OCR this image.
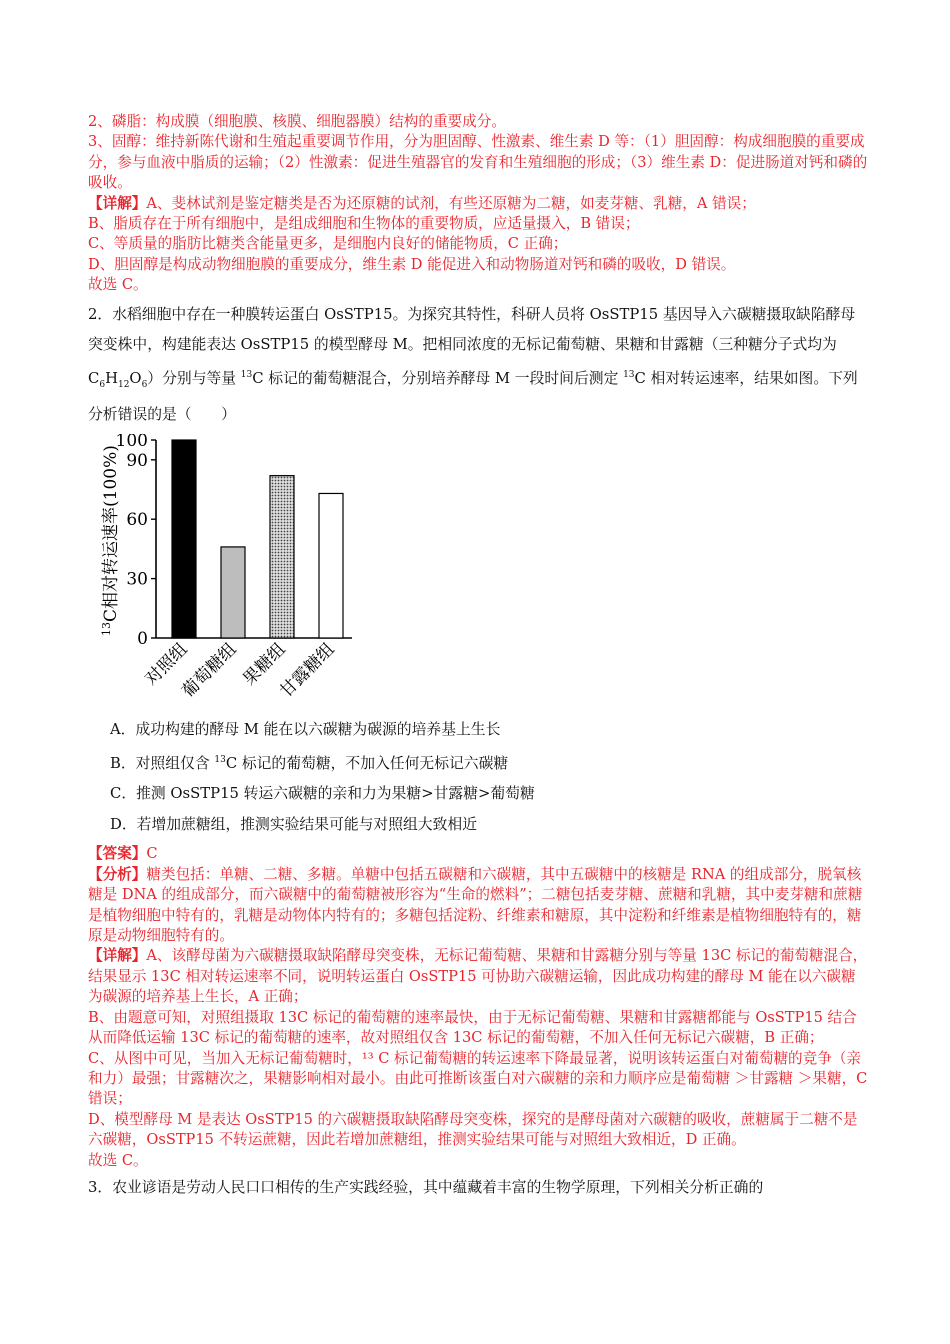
2、磷脂：构成膜（细胞膜、核膜、细胞器膜）结构的重要成分。

3、固醇：维持新陈代谢和生殖起重要调节作用，分为胆固醇、性激素、维生素 D 等：（1）胆固醇：构成细胞膜的重要成分，参与血液中脂质的运输；（2）性激素：促进生殖器官的发育和生殖细胞的形成；（3）维生素 D：促进肠道对钙和磷的吸收。

【详解】A、斐林试剂是鉴定糖类是否为还原糖的试剂，有些还原糖为二糖，如麦芽糖、乳糖，A 错误；

B、脂质存在于所有细胞中，是组成细胞和生物体的重要物质，应适量摄入，B 错误；

C、等质量的脂肪比糖类含能量更多，是细胞内良好的储能物质，C 正确；

D、胆固醇是构成动物细胞膜的重要成分，维生素 D 能促进入和动物肠道对钙和磷的吸收，D 错误。

故选 C。

2．水稻细胞中存在一种膜转运蛋白 OsSTP15。为探究其特性，科研人员将 OsSTP15 基因导入六碳糖摄取缺陷酵母突变株中，构建能表达 OsSTP15 的模型酵母 M。把相同浓度的无标记葡萄糖、果糖和甘露糖（三种糖分子式均为 $C_6H_{12}O_6$）分别与等量 $^{13}$C 标记的葡萄糖混合，分别培养酵母 M 一段时间后测定 $^{13}$C 相对转运速率，结果如图。下列分析错误的是（　　）
0
30
60
90
100
$^{13}$C相对转运速率(100%)
对照组
葡萄糖组
果糖组
甘露糖组

A．成功构建的酵母 M 能在以六碳糖为碳源的培养基上生长

B．对照组仅含 $^{13}$C 标记的葡萄糖，不加入任何无标记六碳糖

C．推测 OsSTP15 转运六碳糖的亲和力为果糖>甘露糖>葡萄糖

D．若增加蔗糖组，推测实验结果可能与对照组大致相近

【答案】C

【分析】糖类包括：单糖、二糖、多糖。单糖中包括五碳糖和六碳糖，其中五碳糖中的核糖是 RNA 的组成部分，脱氧核糖是 DNA 的组成部分，而六碳糖中的葡萄糖被形容为“生命的燃料”；二糖包括麦芽糖、蔗糖和乳糖，其中麦芽糖和蔗糖是植物细胞中特有的，乳糖是动物体内特有的；多糖包括淀粉、纤维素和糖原，其中淀粉和纤维素是植物细胞特有的，糖原是动物细胞特有的。

【详解】A、该酵母菌为六碳糖摄取缺陷酵母突变株，无标记葡萄糖、果糖和甘露糖分别与等量 13C 标记的葡萄糖混合，结果显示 13C 相对转运速率不同，说明转运蛋白 OsSTP15 可协助六碳糖运输，因此成功构建的酵母 M 能在以六碳糖为碳源的培养基上生长，A 正确；

B、由题意可知，对照组摄取 13C 标记的葡萄糖的速率最快，由于无标记葡萄糖、果糖和甘露糖都能与 OsSTP15 结合从而降低运输 13C 标记的葡萄糖的速率，故对照组仅含 13C 标记的葡萄糖，不加入任何无标记六碳糖，B 正确；

C、从图中可见，当加入无标记葡萄糖时，¹³ C 标记葡萄糖的转运速率下降最显著，说明该转运蛋白对葡萄糖的竞争（亲和力）最强；甘露糖次之，果糖影响相对最小。由此可推断该蛋白对六碳糖的亲和力顺序应是葡萄糖 ＞甘露糖 ＞果糖，C 错误；

D、模型酵母 M 是表达 OsSTP15 的六碳糖摄取缺陷酵母突变株，探究的是酵母菌对六碳糖的吸收，蔗糖属于二糖不是六碳糖，OsSTP15 不转运蔗糖，因此若增加蔗糖组，推测实验结果可能与对照组大致相近，D 正确。

故选 C。

3．农业谚语是劳动人民口口相传的生产实践经验，其中蕴藏着丰富的生物学原理，下列相关分析正确的
